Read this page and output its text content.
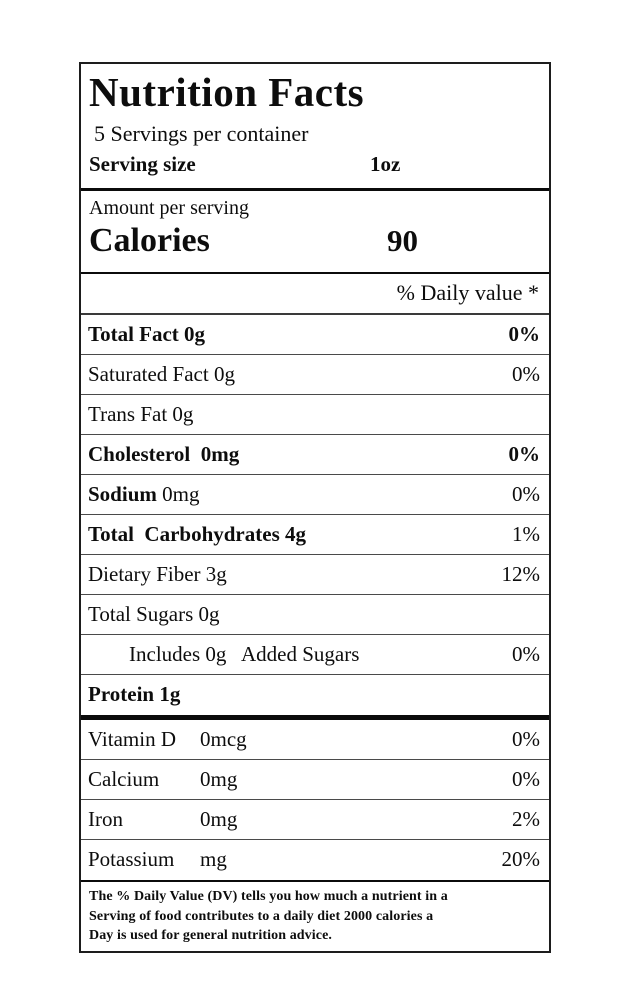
Nutrition Facts
5 Servings per container
Serving size	1oz
Amount per serving
Calories	90
% Daily value *
Total Fact 0g	0%
Saturated Fact 0g	0%
Trans Fat 0g
Cholesterol  0mg	0%
Sodium 0mg	0%
Total  Carbohydrates 4g	1%
Dietary Fiber 3g	12%
Total Sugars 0g
Includes 0g   Added Sugars	0%
Protein 1g
Vitamin D 0mcg	0%
Calcium 0mg	0%
Iron	0mg	2%
Potassium mg	20%
The % Daily Value (DV) tells you how much a nutrient in a
Serving of food contributes to a daily diet 2000 calories a
Day is used for general nutrition advice.
